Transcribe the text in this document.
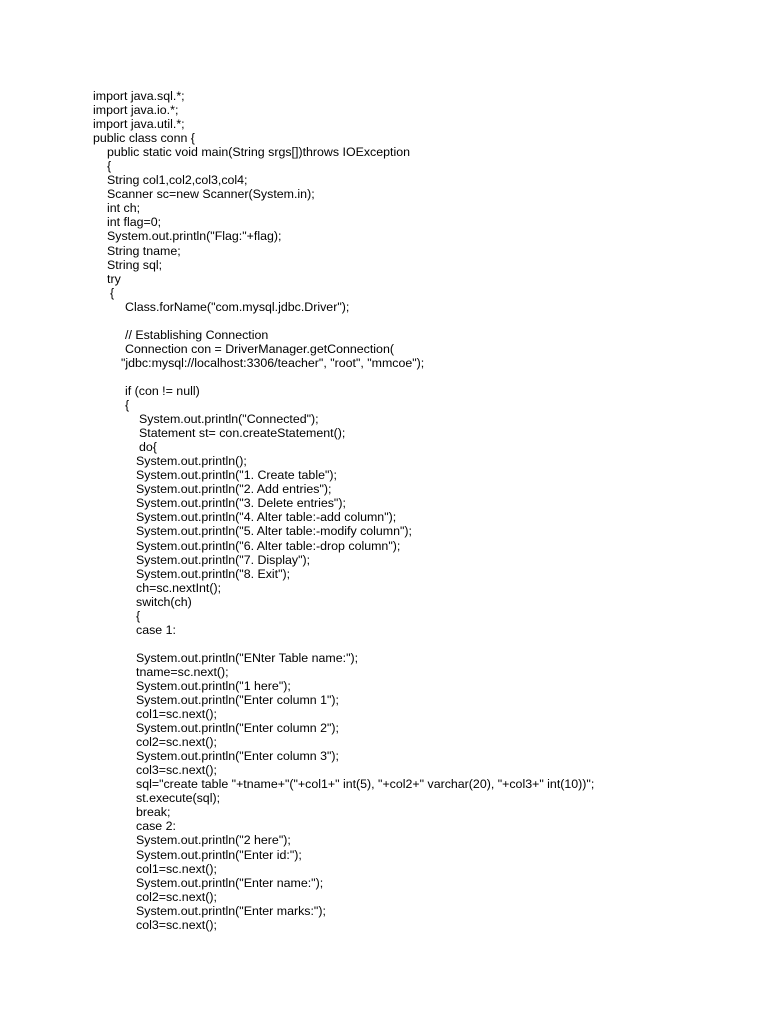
import java.sql.*;
import java.io.*;
import java.util.*;
public class conn {
public static void main(String srgs[])throws IOException
{
String col1,col2,col3,col4;
Scanner sc=new Scanner(System.in);
int ch;
int flag=0;
System.out.println("Flag:"+flag);
String tname;
String sql;
try
{
Class.forName("com.mysql.jdbc.Driver");
// Establishing Connection
Connection con = DriverManager.getConnection(
"jdbc:mysql://localhost:3306/teacher", "root", "mmcoe");
if (con != null)
{
System.out.println("Connected");
Statement st= con.createStatement();
do{
System.out.println();
System.out.println("1. Create table");
System.out.println("2. Add entries");
System.out.println("3. Delete entries");
System.out.println("4. Alter table:-add column");
System.out.println("5. Alter table:-modify column");
System.out.println("6. Alter table:-drop column");
System.out.println("7. Display");
System.out.println("8. Exit");
ch=sc.nextInt();
switch(ch)
{
case 1:
System.out.println("ENter Table name:");
tname=sc.next();
System.out.println("1 here");
System.out.println("Enter column 1");
col1=sc.next();
System.out.println("Enter column 2");
col2=sc.next();
System.out.println("Enter column 3");
col3=sc.next();
sql="create table "+tname+"("+col1+" int(5), "+col2+" varchar(20), "+col3+" int(10))";
st.execute(sql);
break;
case 2:
System.out.println("2 here");
System.out.println("Enter id:");
col1=sc.next();
System.out.println("Enter name:");
col2=sc.next();
System.out.println("Enter marks:");
col3=sc.next();
